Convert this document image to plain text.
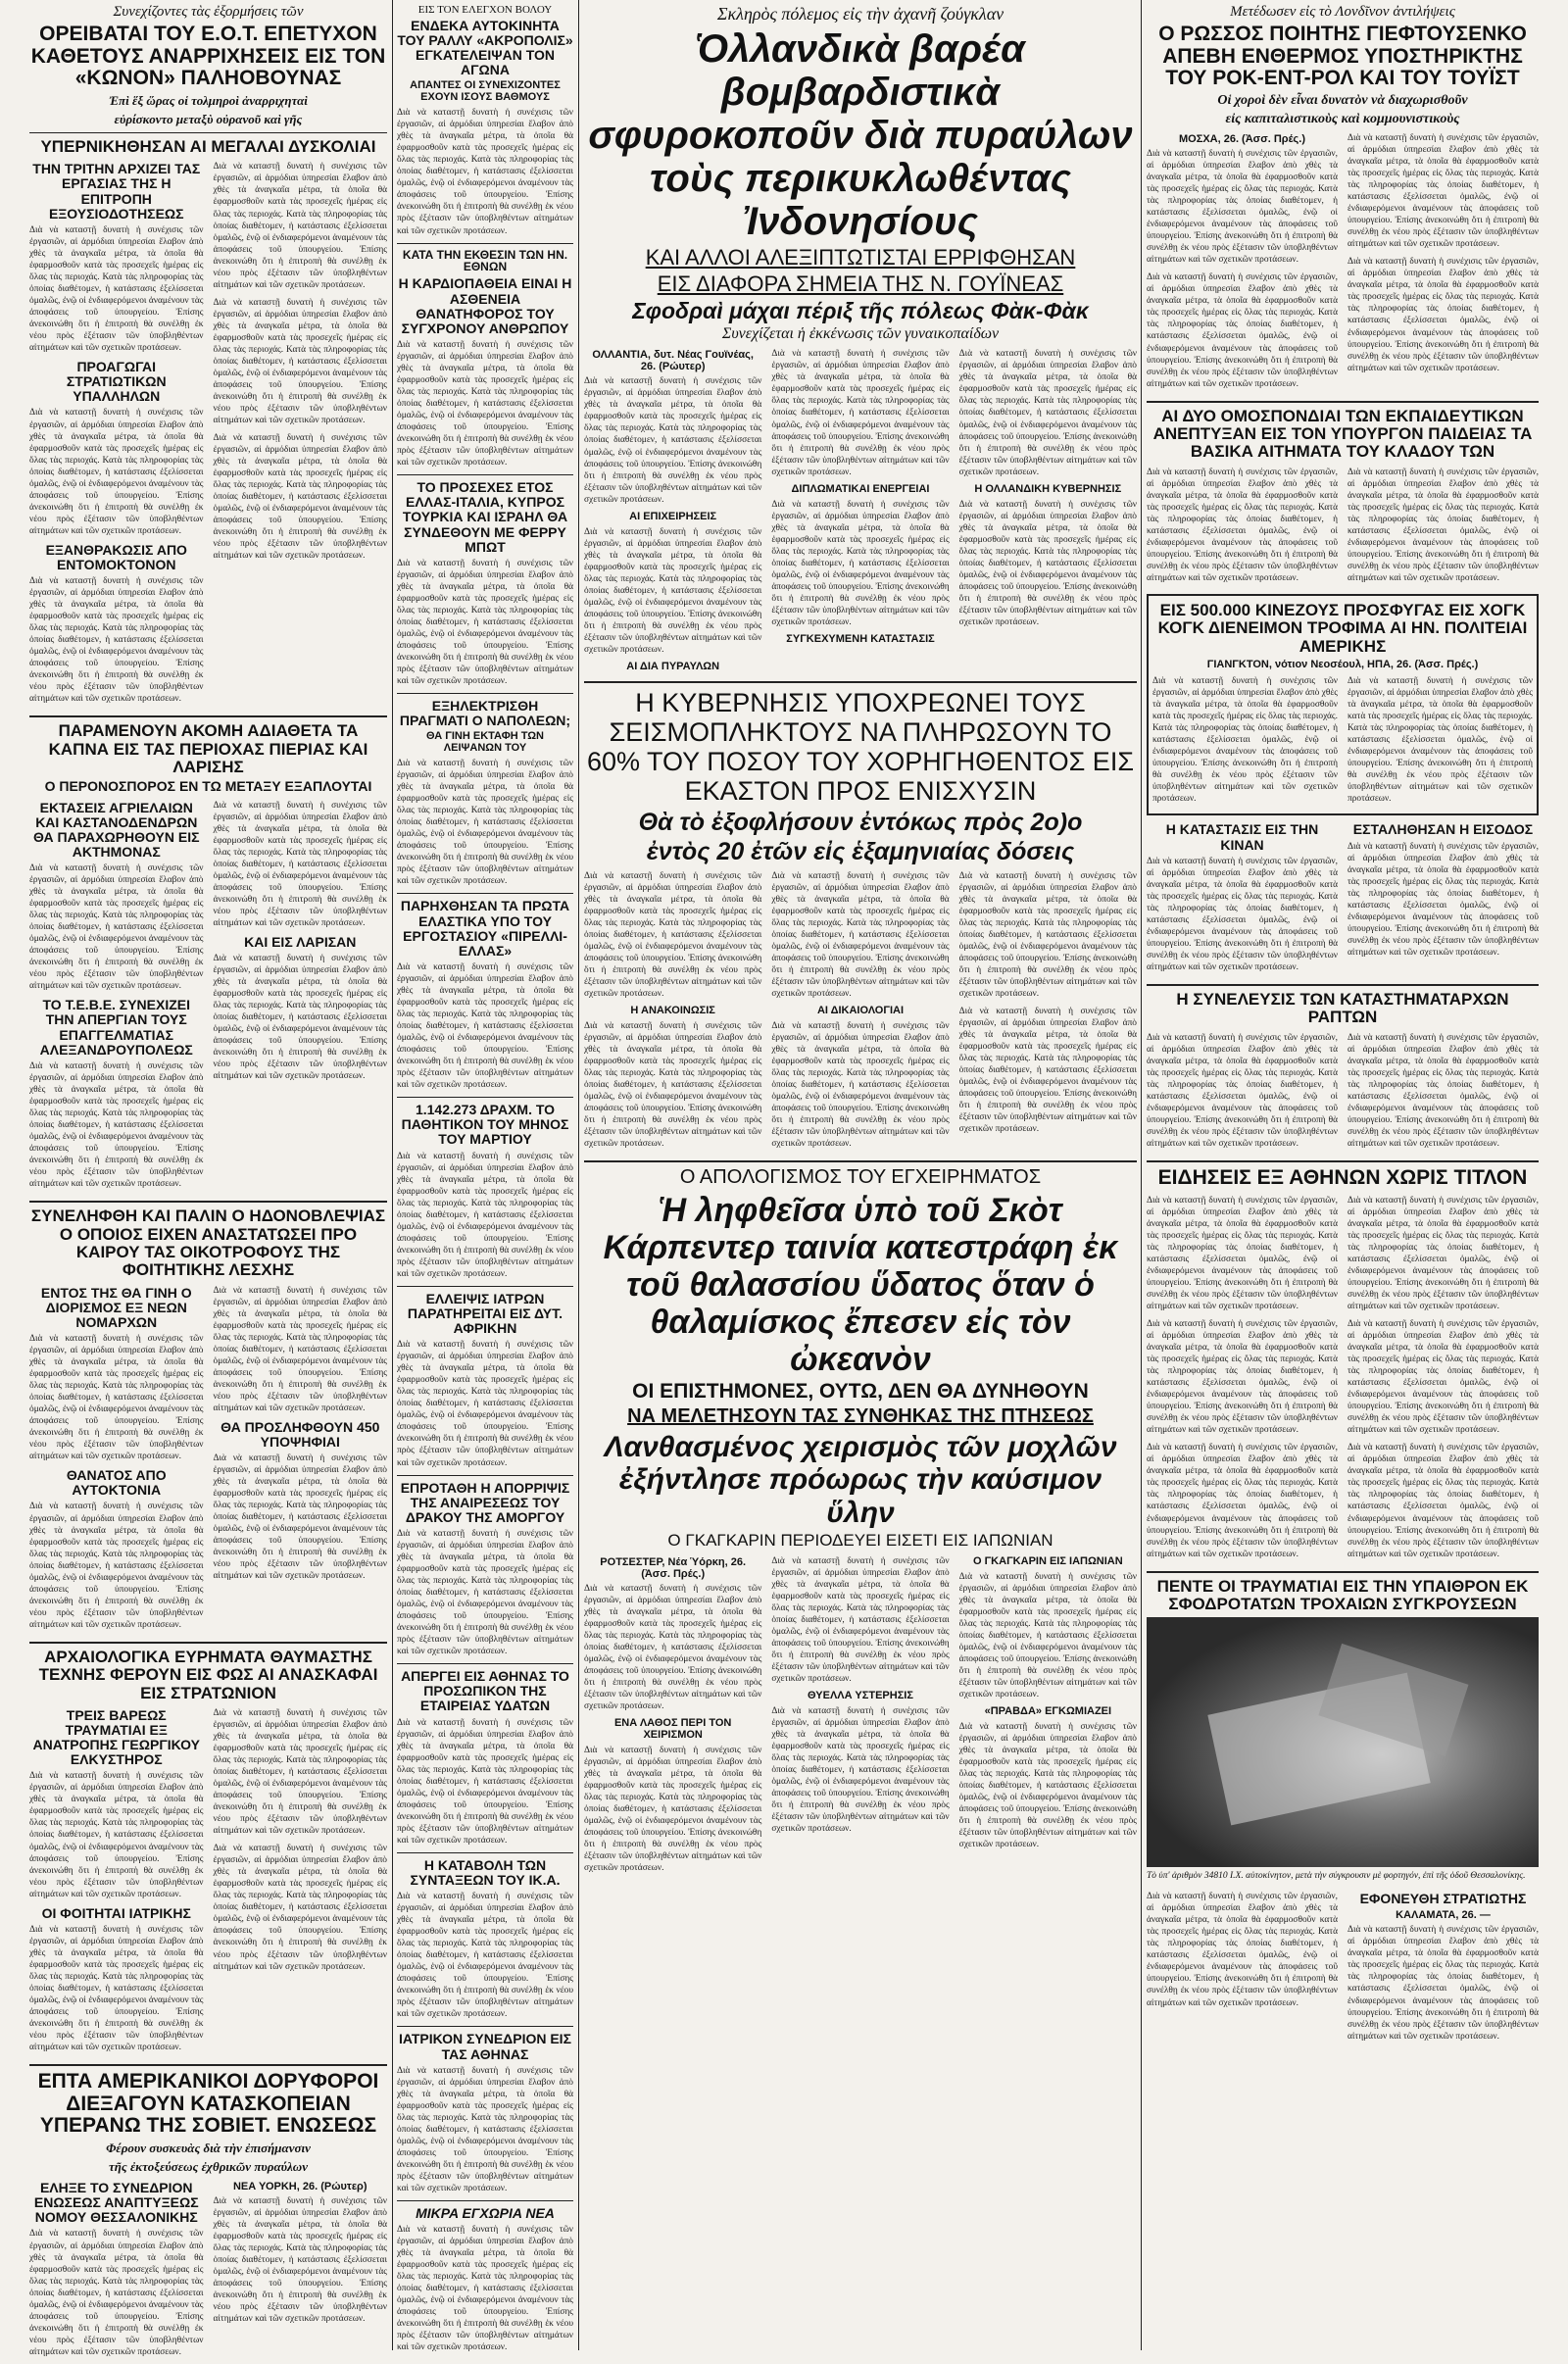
Συνεχίζοντες τὰς ἐξορμήσεις τῶν
ΟΡΕΙΒΑΤΑΙ ΤΟΥ Ε.Ο.Τ. ΕΠΕΤΥΧΟΝ ΚΑΘΕΤΟΥΣ ΑΝΑΡΡΙΧΗΣΕΙΣ ΕΙΣ ΤΟΝ «ΚΩΝΟΝ» ΠΑΛΗΟΒΟΥΝΑΣ
Ἐπὶ ἕξ ὥρας οἱ τολμηροὶ ἀναρριχηταὶ
εὑρίσκοντο μεταξὺ οὐρανοῦ καὶ γῆς
ΥΠΕΡΝΙΚΗΘΗΣΑΝ ΑΙ ΜΕΓΑΛΑΙ ΔΥΣΚΟΛΙΑΙ
ΤΗΝ ΤΡΙΤΗΝ ΑΡΧΙΖΕΙ ΤΑΣ ΕΡΓΑΣΙΑΣ ΤΗΣ Η ΕΠΙΤΡΟΠΗ ΕΞΟΥΣΙΟΔΟΤΗΣΕΩΣ
Διὰ νὰ καταστῇ δυνατὴ ἡ συνέχισις τῶν ἐργασιῶν, αἱ ἁρμόδιαι ὑπηρεσίαι ἔλαβον ἀπὸ χθὲς τὰ ἀναγκαῖα μέτρα, τὰ ὁποῖα θὰ ἐφαρμοσθοῦν κατὰ τὰς προσεχεῖς ἡμέρας εἰς ὅλας τὰς περιοχάς. Κατὰ τὰς πληροφορίας τὰς ὁποίας διαθέτομεν, ἡ κατάστασις ἐξελίσσεται ὁμαλῶς, ἐνῷ οἱ ἐνδιαφερόμενοι ἀναμένουν τὰς ἀποφάσεις τοῦ ὑπουργείου. Ἐπίσης ἀνεκοινώθη ὅτι ἡ ἐπιτροπὴ θὰ συνέλθῃ ἐκ νέου πρὸς ἐξέτασιν τῶν ὑποβληθέντων αἰτημάτων καὶ τῶν σχετικῶν προτάσεων.
ΠΡΟΑΓΩΓΑΙ ΣΤΡΑΤΙΩΤΙΚΩΝ ΥΠΑΛΛΗΛΩΝ
Διὰ νὰ καταστῇ δυνατὴ ἡ συνέχισις τῶν ἐργασιῶν, αἱ ἁρμόδιαι ὑπηρεσίαι ἔλαβον ἀπὸ χθὲς τὰ ἀναγκαῖα μέτρα, τὰ ὁποῖα θὰ ἐφαρμοσθοῦν κατὰ τὰς προσεχεῖς ἡμέρας εἰς ὅλας τὰς περιοχάς. Κατὰ τὰς πληροφορίας τὰς ὁποίας διαθέτομεν, ἡ κατάστασις ἐξελίσσεται ὁμαλῶς, ἐνῷ οἱ ἐνδιαφερόμενοι ἀναμένουν τὰς ἀποφάσεις τοῦ ὑπουργείου. Ἐπίσης ἀνεκοινώθη ὅτι ἡ ἐπιτροπὴ θὰ συνέλθῃ ἐκ νέου πρὸς ἐξέτασιν τῶν ὑποβληθέντων αἰτημάτων καὶ τῶν σχετικῶν προτάσεων.
ΕΞΑΝΘΡΑΚΩΣΙΣ ΑΠΟ ΕΝΤΟΜΟΚΤΟΝΟΝ
Διὰ νὰ καταστῇ δυνατὴ ἡ συνέχισις τῶν ἐργασιῶν, αἱ ἁρμόδιαι ὑπηρεσίαι ἔλαβον ἀπὸ χθὲς τὰ ἀναγκαῖα μέτρα, τὰ ὁποῖα θὰ ἐφαρμοσθοῦν κατὰ τὰς προσεχεῖς ἡμέρας εἰς ὅλας τὰς περιοχάς. Κατὰ τὰς πληροφορίας τὰς ὁποίας διαθέτομεν, ἡ κατάστασις ἐξελίσσεται ὁμαλῶς, ἐνῷ οἱ ἐνδιαφερόμενοι ἀναμένουν τὰς ἀποφάσεις τοῦ ὑπουργείου. Ἐπίσης ἀνεκοινώθη ὅτι ἡ ἐπιτροπὴ θὰ συνέλθῃ ἐκ νέου πρὸς ἐξέτασιν τῶν ὑποβληθέντων αἰτημάτων καὶ τῶν σχετικῶν προτάσεων.
Διὰ νὰ καταστῇ δυνατὴ ἡ συνέχισις τῶν ἐργασιῶν, αἱ ἁρμόδιαι ὑπηρεσίαι ἔλαβον ἀπὸ χθὲς τὰ ἀναγκαῖα μέτρα, τὰ ὁποῖα θὰ ἐφαρμοσθοῦν κατὰ τὰς προσεχεῖς ἡμέρας εἰς ὅλας τὰς περιοχάς. Κατὰ τὰς πληροφορίας τὰς ὁποίας διαθέτομεν, ἡ κατάστασις ἐξελίσσεται ὁμαλῶς, ἐνῷ οἱ ἐνδιαφερόμενοι ἀναμένουν τὰς ἀποφάσεις τοῦ ὑπουργείου. Ἐπίσης ἀνεκοινώθη ὅτι ἡ ἐπιτροπὴ θὰ συνέλθῃ ἐκ νέου πρὸς ἐξέτασιν τῶν ὑποβληθέντων αἰτημάτων καὶ τῶν σχετικῶν προτάσεων.
Διὰ νὰ καταστῇ δυνατὴ ἡ συνέχισις τῶν ἐργασιῶν, αἱ ἁρμόδιαι ὑπηρεσίαι ἔλαβον ἀπὸ χθὲς τὰ ἀναγκαῖα μέτρα, τὰ ὁποῖα θὰ ἐφαρμοσθοῦν κατὰ τὰς προσεχεῖς ἡμέρας εἰς ὅλας τὰς περιοχάς. Κατὰ τὰς πληροφορίας τὰς ὁποίας διαθέτομεν, ἡ κατάστασις ἐξελίσσεται ὁμαλῶς, ἐνῷ οἱ ἐνδιαφερόμενοι ἀναμένουν τὰς ἀποφάσεις τοῦ ὑπουργείου. Ἐπίσης ἀνεκοινώθη ὅτι ἡ ἐπιτροπὴ θὰ συνέλθῃ ἐκ νέου πρὸς ἐξέτασιν τῶν ὑποβληθέντων αἰτημάτων καὶ τῶν σχετικῶν προτάσεων.
Διὰ νὰ καταστῇ δυνατὴ ἡ συνέχισις τῶν ἐργασιῶν, αἱ ἁρμόδιαι ὑπηρεσίαι ἔλαβον ἀπὸ χθὲς τὰ ἀναγκαῖα μέτρα, τὰ ὁποῖα θὰ ἐφαρμοσθοῦν κατὰ τὰς προσεχεῖς ἡμέρας εἰς ὅλας τὰς περιοχάς. Κατὰ τὰς πληροφορίας τὰς ὁποίας διαθέτομεν, ἡ κατάστασις ἐξελίσσεται ὁμαλῶς, ἐνῷ οἱ ἐνδιαφερόμενοι ἀναμένουν τὰς ἀποφάσεις τοῦ ὑπουργείου. Ἐπίσης ἀνεκοινώθη ὅτι ἡ ἐπιτροπὴ θὰ συνέλθῃ ἐκ νέου πρὸς ἐξέτασιν τῶν ὑποβληθέντων αἰτημάτων καὶ τῶν σχετικῶν προτάσεων.
ΠΑΡΑΜΕΝΟΥΝ ΑΚΟΜΗ ΑΔΙΑΘΕΤΑ ΤΑ ΚΑΠΝΑ ΕΙΣ ΤΑΣ ΠΕΡΙΟΧΑΣ ΠΙΕΡΙΑΣ ΚΑΙ ΛΑΡΙΣΗΣ
Ο ΠΕΡΟΝΟΣΠΟΡΟΣ ΕΝ ΤΩ ΜΕΤΑΞΥ ΕΞΑΠΛΟΥΤΑΙ
ΕΚΤΑΣΕΙΣ ΑΓΡΙΕΛΑΙΩΝ ΚΑΙ ΚΑΣΤΑΝΟΔΕΝΔΡΩΝ ΘΑ ΠΑΡΑΧΩΡΗΘΟΥΝ ΕΙΣ ΑΚΤΗΜΟΝΑΣ
Διὰ νὰ καταστῇ δυνατὴ ἡ συνέχισις τῶν ἐργασιῶν, αἱ ἁρμόδιαι ὑπηρεσίαι ἔλαβον ἀπὸ χθὲς τὰ ἀναγκαῖα μέτρα, τὰ ὁποῖα θὰ ἐφαρμοσθοῦν κατὰ τὰς προσεχεῖς ἡμέρας εἰς ὅλας τὰς περιοχάς. Κατὰ τὰς πληροφορίας τὰς ὁποίας διαθέτομεν, ἡ κατάστασις ἐξελίσσεται ὁμαλῶς, ἐνῷ οἱ ἐνδιαφερόμενοι ἀναμένουν τὰς ἀποφάσεις τοῦ ὑπουργείου. Ἐπίσης ἀνεκοινώθη ὅτι ἡ ἐπιτροπὴ θὰ συνέλθῃ ἐκ νέου πρὸς ἐξέτασιν τῶν ὑποβληθέντων αἰτημάτων καὶ τῶν σχετικῶν προτάσεων.
ΤΟ Τ.Ε.Β.Ε. ΣΥΝΕΧΙΖΕΙ ΤΗΝ ΑΠΕΡΓΙΑΝ ΤΟΥΣ ΕΠΑΓΓΕΛΜΑΤΙΑΣ ΑΛΕΞΑΝΔΡΟΥΠΟΛΕΩΣ
Διὰ νὰ καταστῇ δυνατὴ ἡ συνέχισις τῶν ἐργασιῶν, αἱ ἁρμόδιαι ὑπηρεσίαι ἔλαβον ἀπὸ χθὲς τὰ ἀναγκαῖα μέτρα, τὰ ὁποῖα θὰ ἐφαρμοσθοῦν κατὰ τὰς προσεχεῖς ἡμέρας εἰς ὅλας τὰς περιοχάς. Κατὰ τὰς πληροφορίας τὰς ὁποίας διαθέτομεν, ἡ κατάστασις ἐξελίσσεται ὁμαλῶς, ἐνῷ οἱ ἐνδιαφερόμενοι ἀναμένουν τὰς ἀποφάσεις τοῦ ὑπουργείου. Ἐπίσης ἀνεκοινώθη ὅτι ἡ ἐπιτροπὴ θὰ συνέλθῃ ἐκ νέου πρὸς ἐξέτασιν τῶν ὑποβληθέντων αἰτημάτων καὶ τῶν σχετικῶν προτάσεων.
Διὰ νὰ καταστῇ δυνατὴ ἡ συνέχισις τῶν ἐργασιῶν, αἱ ἁρμόδιαι ὑπηρεσίαι ἔλαβον ἀπὸ χθὲς τὰ ἀναγκαῖα μέτρα, τὰ ὁποῖα θὰ ἐφαρμοσθοῦν κατὰ τὰς προσεχεῖς ἡμέρας εἰς ὅλας τὰς περιοχάς. Κατὰ τὰς πληροφορίας τὰς ὁποίας διαθέτομεν, ἡ κατάστασις ἐξελίσσεται ὁμαλῶς, ἐνῷ οἱ ἐνδιαφερόμενοι ἀναμένουν τὰς ἀποφάσεις τοῦ ὑπουργείου. Ἐπίσης ἀνεκοινώθη ὅτι ἡ ἐπιτροπὴ θὰ συνέλθῃ ἐκ νέου πρὸς ἐξέτασιν τῶν ὑποβληθέντων αἰτημάτων καὶ τῶν σχετικῶν προτάσεων.
ΚΑΙ ΕΙΣ ΛΑΡΙΣΑΝ
Διὰ νὰ καταστῇ δυνατὴ ἡ συνέχισις τῶν ἐργασιῶν, αἱ ἁρμόδιαι ὑπηρεσίαι ἔλαβον ἀπὸ χθὲς τὰ ἀναγκαῖα μέτρα, τὰ ὁποῖα θὰ ἐφαρμοσθοῦν κατὰ τὰς προσεχεῖς ἡμέρας εἰς ὅλας τὰς περιοχάς. Κατὰ τὰς πληροφορίας τὰς ὁποίας διαθέτομεν, ἡ κατάστασις ἐξελίσσεται ὁμαλῶς, ἐνῷ οἱ ἐνδιαφερόμενοι ἀναμένουν τὰς ἀποφάσεις τοῦ ὑπουργείου. Ἐπίσης ἀνεκοινώθη ὅτι ἡ ἐπιτροπὴ θὰ συνέλθῃ ἐκ νέου πρὸς ἐξέτασιν τῶν ὑποβληθέντων αἰτημάτων καὶ τῶν σχετικῶν προτάσεων.
ΣΥΝΕΛΗΦΘΗ ΚΑΙ ΠΑΛΙΝ Ο ΗΔΟΝΟΒΛΕΨΙΑΣ Ο ΟΠΟΙΟΣ ΕΙΧΕΝ ΑΝΑΣΤΑΤΩΣΕΙ ΠΡΟ ΚΑΙΡΟΥ ΤΑΣ ΟΙΚΟΤΡΟΦΟΥΣ ΤΗΣ ΦΟΙΤΗΤΙΚΗΣ ΛΕΣΧΗΣ
ΕΝΤΟΣ ΤΗΣ ΘΑ ΓΙΝΗ Ο ΔΙΟΡΙΣΜΟΣ ΕΞ ΝΕΩΝ ΝΟΜΑΡΧΩΝ
Διὰ νὰ καταστῇ δυνατὴ ἡ συνέχισις τῶν ἐργασιῶν, αἱ ἁρμόδιαι ὑπηρεσίαι ἔλαβον ἀπὸ χθὲς τὰ ἀναγκαῖα μέτρα, τὰ ὁποῖα θὰ ἐφαρμοσθοῦν κατὰ τὰς προσεχεῖς ἡμέρας εἰς ὅλας τὰς περιοχάς. Κατὰ τὰς πληροφορίας τὰς ὁποίας διαθέτομεν, ἡ κατάστασις ἐξελίσσεται ὁμαλῶς, ἐνῷ οἱ ἐνδιαφερόμενοι ἀναμένουν τὰς ἀποφάσεις τοῦ ὑπουργείου. Ἐπίσης ἀνεκοινώθη ὅτι ἡ ἐπιτροπὴ θὰ συνέλθῃ ἐκ νέου πρὸς ἐξέτασιν τῶν ὑποβληθέντων αἰτημάτων καὶ τῶν σχετικῶν προτάσεων.
ΘΑΝΑΤΟΣ ΑΠΟ ΑΥΤΟΚΤΟΝΙΑ
Διὰ νὰ καταστῇ δυνατὴ ἡ συνέχισις τῶν ἐργασιῶν, αἱ ἁρμόδιαι ὑπηρεσίαι ἔλαβον ἀπὸ χθὲς τὰ ἀναγκαῖα μέτρα, τὰ ὁποῖα θὰ ἐφαρμοσθοῦν κατὰ τὰς προσεχεῖς ἡμέρας εἰς ὅλας τὰς περιοχάς. Κατὰ τὰς πληροφορίας τὰς ὁποίας διαθέτομεν, ἡ κατάστασις ἐξελίσσεται ὁμαλῶς, ἐνῷ οἱ ἐνδιαφερόμενοι ἀναμένουν τὰς ἀποφάσεις τοῦ ὑπουργείου. Ἐπίσης ἀνεκοινώθη ὅτι ἡ ἐπιτροπὴ θὰ συνέλθῃ ἐκ νέου πρὸς ἐξέτασιν τῶν ὑποβληθέντων αἰτημάτων καὶ τῶν σχετικῶν προτάσεων.
Διὰ νὰ καταστῇ δυνατὴ ἡ συνέχισις τῶν ἐργασιῶν, αἱ ἁρμόδιαι ὑπηρεσίαι ἔλαβον ἀπὸ χθὲς τὰ ἀναγκαῖα μέτρα, τὰ ὁποῖα θὰ ἐφαρμοσθοῦν κατὰ τὰς προσεχεῖς ἡμέρας εἰς ὅλας τὰς περιοχάς. Κατὰ τὰς πληροφορίας τὰς ὁποίας διαθέτομεν, ἡ κατάστασις ἐξελίσσεται ὁμαλῶς, ἐνῷ οἱ ἐνδιαφερόμενοι ἀναμένουν τὰς ἀποφάσεις τοῦ ὑπουργείου. Ἐπίσης ἀνεκοινώθη ὅτι ἡ ἐπιτροπὴ θὰ συνέλθῃ ἐκ νέου πρὸς ἐξέτασιν τῶν ὑποβληθέντων αἰτημάτων καὶ τῶν σχετικῶν προτάσεων.
ΘΑ ΠΡΟΣΛΗΦΘΟΥΝ 450 ΥΠΟΨΗΦΙΑΙ
Διὰ νὰ καταστῇ δυνατὴ ἡ συνέχισις τῶν ἐργασιῶν, αἱ ἁρμόδιαι ὑπηρεσίαι ἔλαβον ἀπὸ χθὲς τὰ ἀναγκαῖα μέτρα, τὰ ὁποῖα θὰ ἐφαρμοσθοῦν κατὰ τὰς προσεχεῖς ἡμέρας εἰς ὅλας τὰς περιοχάς. Κατὰ τὰς πληροφορίας τὰς ὁποίας διαθέτομεν, ἡ κατάστασις ἐξελίσσεται ὁμαλῶς, ἐνῷ οἱ ἐνδιαφερόμενοι ἀναμένουν τὰς ἀποφάσεις τοῦ ὑπουργείου. Ἐπίσης ἀνεκοινώθη ὅτι ἡ ἐπιτροπὴ θὰ συνέλθῃ ἐκ νέου πρὸς ἐξέτασιν τῶν ὑποβληθέντων αἰτημάτων καὶ τῶν σχετικῶν προτάσεων.
ΑΡΧΑΙΟΛΟΓΙΚΑ ΕΥΡΗΜΑΤΑ ΘΑΥΜΑΣΤΗΣ ΤΕΧΝΗΣ ΦΕΡΟΥΝ ΕΙΣ ΦΩΣ ΑΙ ΑΝΑΣΚΑΦΑΙ ΕΙΣ ΣΤΡΑΤΩΝΙΟΝ
ΤΡΕΙΣ ΒΑΡΕΩΣ ΤΡΑΥΜΑΤΙΑΙ ΕΞ ΑΝΑΤΡΟΠΗΣ ΓΕΩΡΓΙΚΟΥ ΕΛΚΥΣΤΗΡΟΣ
Διὰ νὰ καταστῇ δυνατὴ ἡ συνέχισις τῶν ἐργασιῶν, αἱ ἁρμόδιαι ὑπηρεσίαι ἔλαβον ἀπὸ χθὲς τὰ ἀναγκαῖα μέτρα, τὰ ὁποῖα θὰ ἐφαρμοσθοῦν κατὰ τὰς προσεχεῖς ἡμέρας εἰς ὅλας τὰς περιοχάς. Κατὰ τὰς πληροφορίας τὰς ὁποίας διαθέτομεν, ἡ κατάστασις ἐξελίσσεται ὁμαλῶς, ἐνῷ οἱ ἐνδιαφερόμενοι ἀναμένουν τὰς ἀποφάσεις τοῦ ὑπουργείου. Ἐπίσης ἀνεκοινώθη ὅτι ἡ ἐπιτροπὴ θὰ συνέλθῃ ἐκ νέου πρὸς ἐξέτασιν τῶν ὑποβληθέντων αἰτημάτων καὶ τῶν σχετικῶν προτάσεων.
ΟΙ ΦΟΙΤΗΤΑΙ ΙΑΤΡΙΚΗΣ
Διὰ νὰ καταστῇ δυνατὴ ἡ συνέχισις τῶν ἐργασιῶν, αἱ ἁρμόδιαι ὑπηρεσίαι ἔλαβον ἀπὸ χθὲς τὰ ἀναγκαῖα μέτρα, τὰ ὁποῖα θὰ ἐφαρμοσθοῦν κατὰ τὰς προσεχεῖς ἡμέρας εἰς ὅλας τὰς περιοχάς. Κατὰ τὰς πληροφορίας τὰς ὁποίας διαθέτομεν, ἡ κατάστασις ἐξελίσσεται ὁμαλῶς, ἐνῷ οἱ ἐνδιαφερόμενοι ἀναμένουν τὰς ἀποφάσεις τοῦ ὑπουργείου. Ἐπίσης ἀνεκοινώθη ὅτι ἡ ἐπιτροπὴ θὰ συνέλθῃ ἐκ νέου πρὸς ἐξέτασιν τῶν ὑποβληθέντων αἰτημάτων καὶ τῶν σχετικῶν προτάσεων.
Διὰ νὰ καταστῇ δυνατὴ ἡ συνέχισις τῶν ἐργασιῶν, αἱ ἁρμόδιαι ὑπηρεσίαι ἔλαβον ἀπὸ χθὲς τὰ ἀναγκαῖα μέτρα, τὰ ὁποῖα θὰ ἐφαρμοσθοῦν κατὰ τὰς προσεχεῖς ἡμέρας εἰς ὅλας τὰς περιοχάς. Κατὰ τὰς πληροφορίας τὰς ὁποίας διαθέτομεν, ἡ κατάστασις ἐξελίσσεται ὁμαλῶς, ἐνῷ οἱ ἐνδιαφερόμενοι ἀναμένουν τὰς ἀποφάσεις τοῦ ὑπουργείου. Ἐπίσης ἀνεκοινώθη ὅτι ἡ ἐπιτροπὴ θὰ συνέλθῃ ἐκ νέου πρὸς ἐξέτασιν τῶν ὑποβληθέντων αἰτημάτων καὶ τῶν σχετικῶν προτάσεων.
Διὰ νὰ καταστῇ δυνατὴ ἡ συνέχισις τῶν ἐργασιῶν, αἱ ἁρμόδιαι ὑπηρεσίαι ἔλαβον ἀπὸ χθὲς τὰ ἀναγκαῖα μέτρα, τὰ ὁποῖα θὰ ἐφαρμοσθοῦν κατὰ τὰς προσεχεῖς ἡμέρας εἰς ὅλας τὰς περιοχάς. Κατὰ τὰς πληροφορίας τὰς ὁποίας διαθέτομεν, ἡ κατάστασις ἐξελίσσεται ὁμαλῶς, ἐνῷ οἱ ἐνδιαφερόμενοι ἀναμένουν τὰς ἀποφάσεις τοῦ ὑπουργείου. Ἐπίσης ἀνεκοινώθη ὅτι ἡ ἐπιτροπὴ θὰ συνέλθῃ ἐκ νέου πρὸς ἐξέτασιν τῶν ὑποβληθέντων αἰτημάτων καὶ τῶν σχετικῶν προτάσεων.
ΕΠΤΑ ΑΜΕΡΙΚΑΝΙΚΟΙ ΔΟΡΥΦΟΡΟΙ ΔΙΕΞΑΓΟΥΝ ΚΑΤΑΣΚΟΠΕΙΑΝ ΥΠΕΡΑΝΩ ΤΗΣ ΣΟΒΙΕΤ. ΕΝΩΣΕΩΣ
Φέρουν συσκευὰς διὰ τὴν ἐπισήμανσιν
τῆς ἐκτοξεύσεως ἐχθρικῶν πυραύλων
ΕΛΗΞΕ ΤΟ ΣΥΝΕΔΡΙΟΝ ΕΝΩΣΕΩΣ ΑΝΑΠΤΥΞΕΩΣ ΝΟΜΟΥ ΘΕΣΣΑΛΟΝΙΚΗΣ
Διὰ νὰ καταστῇ δυνατὴ ἡ συνέχισις τῶν ἐργασιῶν, αἱ ἁρμόδιαι ὑπηρεσίαι ἔλαβον ἀπὸ χθὲς τὰ ἀναγκαῖα μέτρα, τὰ ὁποῖα θὰ ἐφαρμοσθοῦν κατὰ τὰς προσεχεῖς ἡμέρας εἰς ὅλας τὰς περιοχάς. Κατὰ τὰς πληροφορίας τὰς ὁποίας διαθέτομεν, ἡ κατάστασις ἐξελίσσεται ὁμαλῶς, ἐνῷ οἱ ἐνδιαφερόμενοι ἀναμένουν τὰς ἀποφάσεις τοῦ ὑπουργείου. Ἐπίσης ἀνεκοινώθη ὅτι ἡ ἐπιτροπὴ θὰ συνέλθῃ ἐκ νέου πρὸς ἐξέτασιν τῶν ὑποβληθέντων αἰτημάτων καὶ τῶν σχετικῶν προτάσεων.
ΝΕΑ ΥΟΡΚΗ, 26. (Ρώυτερ)
Διὰ νὰ καταστῇ δυνατὴ ἡ συνέχισις τῶν ἐργασιῶν, αἱ ἁρμόδιαι ὑπηρεσίαι ἔλαβον ἀπὸ χθὲς τὰ ἀναγκαῖα μέτρα, τὰ ὁποῖα θὰ ἐφαρμοσθοῦν κατὰ τὰς προσεχεῖς ἡμέρας εἰς ὅλας τὰς περιοχάς. Κατὰ τὰς πληροφορίας τὰς ὁποίας διαθέτομεν, ἡ κατάστασις ἐξελίσσεται ὁμαλῶς, ἐνῷ οἱ ἐνδιαφερόμενοι ἀναμένουν τὰς ἀποφάσεις τοῦ ὑπουργείου. Ἐπίσης ἀνεκοινώθη ὅτι ἡ ἐπιτροπὴ θὰ συνέλθῃ ἐκ νέου πρὸς ἐξέτασιν τῶν ὑποβληθέντων αἰτημάτων καὶ τῶν σχετικῶν προτάσεων.
ΕΙΣ ΤΟΝ ΕΛΕΓΧΟΝ ΒΟΛΟΥ
ΕΝΔΕΚΑ ΑΥΤΟΚΙΝΗΤΑ ΤΟΥ ΡΑΛΛΥ «ΑΚΡΟΠΟΛΙΣ» ΕΓΚΑΤΕΛΕΙΨΑΝ ΤΟΝ ΑΓΩΝΑ
ΑΠΑΝΤΕΣ ΟΙ ΣΥΝΕΧΙΖΟΝΤΕΣ ΕΧΟΥΝ ΙΣΟΥΣ ΒΑΘΜΟΥΣ
Διὰ νὰ καταστῇ δυνατὴ ἡ συνέχισις τῶν ἐργασιῶν, αἱ ἁρμόδιαι ὑπηρεσίαι ἔλαβον ἀπὸ χθὲς τὰ ἀναγκαῖα μέτρα, τὰ ὁποῖα θὰ ἐφαρμοσθοῦν κατὰ τὰς προσεχεῖς ἡμέρας εἰς ὅλας τὰς περιοχάς. Κατὰ τὰς πληροφορίας τὰς ὁποίας διαθέτομεν, ἡ κατάστασις ἐξελίσσεται ὁμαλῶς, ἐνῷ οἱ ἐνδιαφερόμενοι ἀναμένουν τὰς ἀποφάσεις τοῦ ὑπουργείου. Ἐπίσης ἀνεκοινώθη ὅτι ἡ ἐπιτροπὴ θὰ συνέλθῃ ἐκ νέου πρὸς ἐξέτασιν τῶν ὑποβληθέντων αἰτημάτων καὶ τῶν σχετικῶν προτάσεων.
ΚΑΤΑ ΤΗΝ ΕΚΘΕΣΙΝ ΤΩΝ ΗΝ. ΕΘΝΩΝ
Η ΚΑΡΔΙΟΠΑΘΕΙΑ ΕΙΝΑΙ Η ΑΣΘΕΝΕΙΑ ΘΑΝΑΤΗΦΟΡΟΣ ΤΟΥ ΣΥΓΧΡΟΝΟΥ ΑΝΘΡΩΠΟΥ
Διὰ νὰ καταστῇ δυνατὴ ἡ συνέχισις τῶν ἐργασιῶν, αἱ ἁρμόδιαι ὑπηρεσίαι ἔλαβον ἀπὸ χθὲς τὰ ἀναγκαῖα μέτρα, τὰ ὁποῖα θὰ ἐφαρμοσθοῦν κατὰ τὰς προσεχεῖς ἡμέρας εἰς ὅλας τὰς περιοχάς. Κατὰ τὰς πληροφορίας τὰς ὁποίας διαθέτομεν, ἡ κατάστασις ἐξελίσσεται ὁμαλῶς, ἐνῷ οἱ ἐνδιαφερόμενοι ἀναμένουν τὰς ἀποφάσεις τοῦ ὑπουργείου. Ἐπίσης ἀνεκοινώθη ὅτι ἡ ἐπιτροπὴ θὰ συνέλθῃ ἐκ νέου πρὸς ἐξέτασιν τῶν ὑποβληθέντων αἰτημάτων καὶ τῶν σχετικῶν προτάσεων.
ΤΟ ΠΡΟΣΕΧΕΣ ΕΤΟΣ ΕΛΛΑΣ-ΙΤΑΛΙΑ, ΚΥΠΡΟΣ ΤΟΥΡΚΙΑ ΚΑΙ ΙΣΡΑΗΛ ΘΑ ΣΥΝΔΕΘΟΥΝ ΜΕ ΦΕΡΡΥ ΜΠΩΤ
Διὰ νὰ καταστῇ δυνατὴ ἡ συνέχισις τῶν ἐργασιῶν, αἱ ἁρμόδιαι ὑπηρεσίαι ἔλαβον ἀπὸ χθὲς τὰ ἀναγκαῖα μέτρα, τὰ ὁποῖα θὰ ἐφαρμοσθοῦν κατὰ τὰς προσεχεῖς ἡμέρας εἰς ὅλας τὰς περιοχάς. Κατὰ τὰς πληροφορίας τὰς ὁποίας διαθέτομεν, ἡ κατάστασις ἐξελίσσεται ὁμαλῶς, ἐνῷ οἱ ἐνδιαφερόμενοι ἀναμένουν τὰς ἀποφάσεις τοῦ ὑπουργείου. Ἐπίσης ἀνεκοινώθη ὅτι ἡ ἐπιτροπὴ θὰ συνέλθῃ ἐκ νέου πρὸς ἐξέτασιν τῶν ὑποβληθέντων αἰτημάτων καὶ τῶν σχετικῶν προτάσεων.
ΕΞΗΛΕΚΤΡΙΣΘΗ ΠΡΑΓΜΑΤΙ Ο ΝΑΠΟΛΕΩΝ;
ΘΑ ΓΙΝΗ ΕΚΤΑΦΗ ΤΩΝ ΛΕΙΨΑΝΩΝ ΤΟΥ
Διὰ νὰ καταστῇ δυνατὴ ἡ συνέχισις τῶν ἐργασιῶν, αἱ ἁρμόδιαι ὑπηρεσίαι ἔλαβον ἀπὸ χθὲς τὰ ἀναγκαῖα μέτρα, τὰ ὁποῖα θὰ ἐφαρμοσθοῦν κατὰ τὰς προσεχεῖς ἡμέρας εἰς ὅλας τὰς περιοχάς. Κατὰ τὰς πληροφορίας τὰς ὁποίας διαθέτομεν, ἡ κατάστασις ἐξελίσσεται ὁμαλῶς, ἐνῷ οἱ ἐνδιαφερόμενοι ἀναμένουν τὰς ἀποφάσεις τοῦ ὑπουργείου. Ἐπίσης ἀνεκοινώθη ὅτι ἡ ἐπιτροπὴ θὰ συνέλθῃ ἐκ νέου πρὸς ἐξέτασιν τῶν ὑποβληθέντων αἰτημάτων καὶ τῶν σχετικῶν προτάσεων.
ΠΑΡΗΧΘΗΣΑΝ ΤΑ ΠΡΩΤΑ ΕΛΑΣΤΙΚΑ ΥΠΟ ΤΟΥ ΕΡΓΟΣΤΑΣΙΟΥ «ΠΙΡΕΛΛΙ-ΕΛΛΑΣ»
Διὰ νὰ καταστῇ δυνατὴ ἡ συνέχισις τῶν ἐργασιῶν, αἱ ἁρμόδιαι ὑπηρεσίαι ἔλαβον ἀπὸ χθὲς τὰ ἀναγκαῖα μέτρα, τὰ ὁποῖα θὰ ἐφαρμοσθοῦν κατὰ τὰς προσεχεῖς ἡμέρας εἰς ὅλας τὰς περιοχάς. Κατὰ τὰς πληροφορίας τὰς ὁποίας διαθέτομεν, ἡ κατάστασις ἐξελίσσεται ὁμαλῶς, ἐνῷ οἱ ἐνδιαφερόμενοι ἀναμένουν τὰς ἀποφάσεις τοῦ ὑπουργείου. Ἐπίσης ἀνεκοινώθη ὅτι ἡ ἐπιτροπὴ θὰ συνέλθῃ ἐκ νέου πρὸς ἐξέτασιν τῶν ὑποβληθέντων αἰτημάτων καὶ τῶν σχετικῶν προτάσεων.
1.142.273 ΔΡΑΧΜ. ΤΟ ΠΑΘΗΤΙΚΟΝ ΤΟΥ ΜΗΝΟΣ ΤΟΥ ΜΑΡΤΙΟΥ
Διὰ νὰ καταστῇ δυνατὴ ἡ συνέχισις τῶν ἐργασιῶν, αἱ ἁρμόδιαι ὑπηρεσίαι ἔλαβον ἀπὸ χθὲς τὰ ἀναγκαῖα μέτρα, τὰ ὁποῖα θὰ ἐφαρμοσθοῦν κατὰ τὰς προσεχεῖς ἡμέρας εἰς ὅλας τὰς περιοχάς. Κατὰ τὰς πληροφορίας τὰς ὁποίας διαθέτομεν, ἡ κατάστασις ἐξελίσσεται ὁμαλῶς, ἐνῷ οἱ ἐνδιαφερόμενοι ἀναμένουν τὰς ἀποφάσεις τοῦ ὑπουργείου. Ἐπίσης ἀνεκοινώθη ὅτι ἡ ἐπιτροπὴ θὰ συνέλθῃ ἐκ νέου πρὸς ἐξέτασιν τῶν ὑποβληθέντων αἰτημάτων καὶ τῶν σχετικῶν προτάσεων.
ΕΛΛΕΙΨΙΣ ΙΑΤΡΩΝ ΠΑΡΑΤΗΡΕΙΤΑΙ ΕΙΣ ΔΥΤ. ΑΦΡΙΚΗΝ
Διὰ νὰ καταστῇ δυνατὴ ἡ συνέχισις τῶν ἐργασιῶν, αἱ ἁρμόδιαι ὑπηρεσίαι ἔλαβον ἀπὸ χθὲς τὰ ἀναγκαῖα μέτρα, τὰ ὁποῖα θὰ ἐφαρμοσθοῦν κατὰ τὰς προσεχεῖς ἡμέρας εἰς ὅλας τὰς περιοχάς. Κατὰ τὰς πληροφορίας τὰς ὁποίας διαθέτομεν, ἡ κατάστασις ἐξελίσσεται ὁμαλῶς, ἐνῷ οἱ ἐνδιαφερόμενοι ἀναμένουν τὰς ἀποφάσεις τοῦ ὑπουργείου. Ἐπίσης ἀνεκοινώθη ὅτι ἡ ἐπιτροπὴ θὰ συνέλθῃ ἐκ νέου πρὸς ἐξέτασιν τῶν ὑποβληθέντων αἰτημάτων καὶ τῶν σχετικῶν προτάσεων.
ΕΠΡΟΤΑΘΗ Η ΑΠΟΡΡΙΨΙΣ ΤΗΣ ΑΝΑΙΡΕΣΕΩΣ ΤΟΥ ΔΡΑΚΟΥ ΤΗΣ ΑΜΟΡΓΟΥ
Διὰ νὰ καταστῇ δυνατὴ ἡ συνέχισις τῶν ἐργασιῶν, αἱ ἁρμόδιαι ὑπηρεσίαι ἔλαβον ἀπὸ χθὲς τὰ ἀναγκαῖα μέτρα, τὰ ὁποῖα θὰ ἐφαρμοσθοῦν κατὰ τὰς προσεχεῖς ἡμέρας εἰς ὅλας τὰς περιοχάς. Κατὰ τὰς πληροφορίας τὰς ὁποίας διαθέτομεν, ἡ κατάστασις ἐξελίσσεται ὁμαλῶς, ἐνῷ οἱ ἐνδιαφερόμενοι ἀναμένουν τὰς ἀποφάσεις τοῦ ὑπουργείου. Ἐπίσης ἀνεκοινώθη ὅτι ἡ ἐπιτροπὴ θὰ συνέλθῃ ἐκ νέου πρὸς ἐξέτασιν τῶν ὑποβληθέντων αἰτημάτων καὶ τῶν σχετικῶν προτάσεων.
ΑΠΕΡΓΕΙ ΕΙΣ ΑΘΗΝΑΣ ΤΟ ΠΡΟΣΩΠΙΚΟΝ ΤΗΣ ΕΤΑΙΡΕΙΑΣ ΥΔΑΤΩΝ
Διὰ νὰ καταστῇ δυνατὴ ἡ συνέχισις τῶν ἐργασιῶν, αἱ ἁρμόδιαι ὑπηρεσίαι ἔλαβον ἀπὸ χθὲς τὰ ἀναγκαῖα μέτρα, τὰ ὁποῖα θὰ ἐφαρμοσθοῦν κατὰ τὰς προσεχεῖς ἡμέρας εἰς ὅλας τὰς περιοχάς. Κατὰ τὰς πληροφορίας τὰς ὁποίας διαθέτομεν, ἡ κατάστασις ἐξελίσσεται ὁμαλῶς, ἐνῷ οἱ ἐνδιαφερόμενοι ἀναμένουν τὰς ἀποφάσεις τοῦ ὑπουργείου. Ἐπίσης ἀνεκοινώθη ὅτι ἡ ἐπιτροπὴ θὰ συνέλθῃ ἐκ νέου πρὸς ἐξέτασιν τῶν ὑποβληθέντων αἰτημάτων καὶ τῶν σχετικῶν προτάσεων.
Η ΚΑΤΑΒΟΛΗ ΤΩΝ ΣΥΝΤΑΞΕΩΝ ΤΟΥ ΙΚ.Α.
Διὰ νὰ καταστῇ δυνατὴ ἡ συνέχισις τῶν ἐργασιῶν, αἱ ἁρμόδιαι ὑπηρεσίαι ἔλαβον ἀπὸ χθὲς τὰ ἀναγκαῖα μέτρα, τὰ ὁποῖα θὰ ἐφαρμοσθοῦν κατὰ τὰς προσεχεῖς ἡμέρας εἰς ὅλας τὰς περιοχάς. Κατὰ τὰς πληροφορίας τὰς ὁποίας διαθέτομεν, ἡ κατάστασις ἐξελίσσεται ὁμαλῶς, ἐνῷ οἱ ἐνδιαφερόμενοι ἀναμένουν τὰς ἀποφάσεις τοῦ ὑπουργείου. Ἐπίσης ἀνεκοινώθη ὅτι ἡ ἐπιτροπὴ θὰ συνέλθῃ ἐκ νέου πρὸς ἐξέτασιν τῶν ὑποβληθέντων αἰτημάτων καὶ τῶν σχετικῶν προτάσεων.
ΙΑΤΡΙΚΟΝ ΣΥΝΕΔΡΙΟΝ ΕΙΣ ΤΑΣ ΑΘΗΝΑΣ
Διὰ νὰ καταστῇ δυνατὴ ἡ συνέχισις τῶν ἐργασιῶν, αἱ ἁρμόδιαι ὑπηρεσίαι ἔλαβον ἀπὸ χθὲς τὰ ἀναγκαῖα μέτρα, τὰ ὁποῖα θὰ ἐφαρμοσθοῦν κατὰ τὰς προσεχεῖς ἡμέρας εἰς ὅλας τὰς περιοχάς. Κατὰ τὰς πληροφορίας τὰς ὁποίας διαθέτομεν, ἡ κατάστασις ἐξελίσσεται ὁμαλῶς, ἐνῷ οἱ ἐνδιαφερόμενοι ἀναμένουν τὰς ἀποφάσεις τοῦ ὑπουργείου. Ἐπίσης ἀνεκοινώθη ὅτι ἡ ἐπιτροπὴ θὰ συνέλθῃ ἐκ νέου πρὸς ἐξέτασιν τῶν ὑποβληθέντων αἰτημάτων καὶ τῶν σχετικῶν προτάσεων.
ΜΙΚΡΑ ΕΓΧΩΡΙΑ ΝΕΑ
Διὰ νὰ καταστῇ δυνατὴ ἡ συνέχισις τῶν ἐργασιῶν, αἱ ἁρμόδιαι ὑπηρεσίαι ἔλαβον ἀπὸ χθὲς τὰ ἀναγκαῖα μέτρα, τὰ ὁποῖα θὰ ἐφαρμοσθοῦν κατὰ τὰς προσεχεῖς ἡμέρας εἰς ὅλας τὰς περιοχάς. Κατὰ τὰς πληροφορίας τὰς ὁποίας διαθέτομεν, ἡ κατάστασις ἐξελίσσεται ὁμαλῶς, ἐνῷ οἱ ἐνδιαφερόμενοι ἀναμένουν τὰς ἀποφάσεις τοῦ ὑπουργείου. Ἐπίσης ἀνεκοινώθη ὅτι ἡ ἐπιτροπὴ θὰ συνέλθῃ ἐκ νέου πρὸς ἐξέτασιν τῶν ὑποβληθέντων αἰτημάτων καὶ τῶν σχετικῶν προτάσεων.
Σκληρὸς πόλεμος εἰς τὴν ἀχανῆ ζούγκλαν
Ὁλλανδικὰ βαρέα βομβαρδιστικὰ σφυροκοποῦν διὰ πυραύλων τοὺς περικυκλωθέντας Ἰνδονησίους
ΚΑΙ ΑΛΛΟΙ ΑΛΕΞΙΠΤΩΤΙΣΤΑΙ ΕΡΡΙΦΘΗΣΑΝ
ΕΙΣ ΔΙΑΦΟΡΑ ΣΗΜΕΙΑ ΤΗΣ Ν. ΓΟΥΪΝΕΑΣ
Σφοδραὶ μάχαι πέριξ τῆς πόλεως Φὰκ-Φὰκ
Συνεχίζεται ἡ ἐκκένωσις τῶν γυναικοπαίδων
ΟΛΛΑΝΤΙΑ, δυτ. Νέας Γουϊνέας, 26. (Ρώυτερ)
Διὰ νὰ καταστῇ δυνατὴ ἡ συνέχισις τῶν ἐργασιῶν, αἱ ἁρμόδιαι ὑπηρεσίαι ἔλαβον ἀπὸ χθὲς τὰ ἀναγκαῖα μέτρα, τὰ ὁποῖα θὰ ἐφαρμοσθοῦν κατὰ τὰς προσεχεῖς ἡμέρας εἰς ὅλας τὰς περιοχάς. Κατὰ τὰς πληροφορίας τὰς ὁποίας διαθέτομεν, ἡ κατάστασις ἐξελίσσεται ὁμαλῶς, ἐνῷ οἱ ἐνδιαφερόμενοι ἀναμένουν τὰς ἀποφάσεις τοῦ ὑπουργείου. Ἐπίσης ἀνεκοινώθη ὅτι ἡ ἐπιτροπὴ θὰ συνέλθῃ ἐκ νέου πρὸς ἐξέτασιν τῶν ὑποβληθέντων αἰτημάτων καὶ τῶν σχετικῶν προτάσεων.
ΑΙ ΕΠΙΧΕΙΡΗΣΕΙΣ
Διὰ νὰ καταστῇ δυνατὴ ἡ συνέχισις τῶν ἐργασιῶν, αἱ ἁρμόδιαι ὑπηρεσίαι ἔλαβον ἀπὸ χθὲς τὰ ἀναγκαῖα μέτρα, τὰ ὁποῖα θὰ ἐφαρμοσθοῦν κατὰ τὰς προσεχεῖς ἡμέρας εἰς ὅλας τὰς περιοχάς. Κατὰ τὰς πληροφορίας τὰς ὁποίας διαθέτομεν, ἡ κατάστασις ἐξελίσσεται ὁμαλῶς, ἐνῷ οἱ ἐνδιαφερόμενοι ἀναμένουν τὰς ἀποφάσεις τοῦ ὑπουργείου. Ἐπίσης ἀνεκοινώθη ὅτι ἡ ἐπιτροπὴ θὰ συνέλθῃ ἐκ νέου πρὸς ἐξέτασιν τῶν ὑποβληθέντων αἰτημάτων καὶ τῶν σχετικῶν προτάσεων.
ΑΙ ΔΙΑ ΠΥΡΑΥΛΩΝ
Διὰ νὰ καταστῇ δυνατὴ ἡ συνέχισις τῶν ἐργασιῶν, αἱ ἁρμόδιαι ὑπηρεσίαι ἔλαβον ἀπὸ χθὲς τὰ ἀναγκαῖα μέτρα, τὰ ὁποῖα θὰ ἐφαρμοσθοῦν κατὰ τὰς προσεχεῖς ἡμέρας εἰς ὅλας τὰς περιοχάς. Κατὰ τὰς πληροφορίας τὰς ὁποίας διαθέτομεν, ἡ κατάστασις ἐξελίσσεται ὁμαλῶς, ἐνῷ οἱ ἐνδιαφερόμενοι ἀναμένουν τὰς ἀποφάσεις τοῦ ὑπουργείου. Ἐπίσης ἀνεκοινώθη ὅτι ἡ ἐπιτροπὴ θὰ συνέλθῃ ἐκ νέου πρὸς ἐξέτασιν τῶν ὑποβληθέντων αἰτημάτων καὶ τῶν σχετικῶν προτάσεων.
ΔΙΠΛΩΜΑΤΙΚΑΙ ΕΝΕΡΓΕΙΑΙ
Διὰ νὰ καταστῇ δυνατὴ ἡ συνέχισις τῶν ἐργασιῶν, αἱ ἁρμόδιαι ὑπηρεσίαι ἔλαβον ἀπὸ χθὲς τὰ ἀναγκαῖα μέτρα, τὰ ὁποῖα θὰ ἐφαρμοσθοῦν κατὰ τὰς προσεχεῖς ἡμέρας εἰς ὅλας τὰς περιοχάς. Κατὰ τὰς πληροφορίας τὰς ὁποίας διαθέτομεν, ἡ κατάστασις ἐξελίσσεται ὁμαλῶς, ἐνῷ οἱ ἐνδιαφερόμενοι ἀναμένουν τὰς ἀποφάσεις τοῦ ὑπουργείου. Ἐπίσης ἀνεκοινώθη ὅτι ἡ ἐπιτροπὴ θὰ συνέλθῃ ἐκ νέου πρὸς ἐξέτασιν τῶν ὑποβληθέντων αἰτημάτων καὶ τῶν σχετικῶν προτάσεων.
ΣΥΓΚΕΧΥΜΕΝΗ ΚΑΤΑΣΤΑΣΙΣ
Διὰ νὰ καταστῇ δυνατὴ ἡ συνέχισις τῶν ἐργασιῶν, αἱ ἁρμόδιαι ὑπηρεσίαι ἔλαβον ἀπὸ χθὲς τὰ ἀναγκαῖα μέτρα, τὰ ὁποῖα θὰ ἐφαρμοσθοῦν κατὰ τὰς προσεχεῖς ἡμέρας εἰς ὅλας τὰς περιοχάς. Κατὰ τὰς πληροφορίας τὰς ὁποίας διαθέτομεν, ἡ κατάστασις ἐξελίσσεται ὁμαλῶς, ἐνῷ οἱ ἐνδιαφερόμενοι ἀναμένουν τὰς ἀποφάσεις τοῦ ὑπουργείου. Ἐπίσης ἀνεκοινώθη ὅτι ἡ ἐπιτροπὴ θὰ συνέλθῃ ἐκ νέου πρὸς ἐξέτασιν τῶν ὑποβληθέντων αἰτημάτων καὶ τῶν σχετικῶν προτάσεων.
Η ΟΛΛΑΝΔΙΚΗ ΚΥΒΕΡΝΗΣΙΣ
Διὰ νὰ καταστῇ δυνατὴ ἡ συνέχισις τῶν ἐργασιῶν, αἱ ἁρμόδιαι ὑπηρεσίαι ἔλαβον ἀπὸ χθὲς τὰ ἀναγκαῖα μέτρα, τὰ ὁποῖα θὰ ἐφαρμοσθοῦν κατὰ τὰς προσεχεῖς ἡμέρας εἰς ὅλας τὰς περιοχάς. Κατὰ τὰς πληροφορίας τὰς ὁποίας διαθέτομεν, ἡ κατάστασις ἐξελίσσεται ὁμαλῶς, ἐνῷ οἱ ἐνδιαφερόμενοι ἀναμένουν τὰς ἀποφάσεις τοῦ ὑπουργείου. Ἐπίσης ἀνεκοινώθη ὅτι ἡ ἐπιτροπὴ θὰ συνέλθῃ ἐκ νέου πρὸς ἐξέτασιν τῶν ὑποβληθέντων αἰτημάτων καὶ τῶν σχετικῶν προτάσεων.
Η ΚΥΒΕΡΝΗΣΙΣ ΥΠΟΧΡΕΩΝΕΙ ΤΟΥΣ ΣΕΙΣΜΟΠΛΗΚΤΟΥΣ ΝΑ ΠΛΗΡΩΣΟΥΝ ΤΟ 60% ΤΟΥ ΠΟΣΟΥ ΤΟΥ ΧΟΡΗΓΗΘΕΝΤΟΣ ΕΙΣ ΕΚΑΣΤΟΝ ΠΡΟΣ ΕΝΙΣΧΥΣΙΝ
Θὰ τὸ ἐξοφλήσουν ἐντόκως πρὸς 2ο)ο
ἐντὸς 20 ἐτῶν εἰς ἑξαμηνιαίας δόσεις
Διὰ νὰ καταστῇ δυνατὴ ἡ συνέχισις τῶν ἐργασιῶν, αἱ ἁρμόδιαι ὑπηρεσίαι ἔλαβον ἀπὸ χθὲς τὰ ἀναγκαῖα μέτρα, τὰ ὁποῖα θὰ ἐφαρμοσθοῦν κατὰ τὰς προσεχεῖς ἡμέρας εἰς ὅλας τὰς περιοχάς. Κατὰ τὰς πληροφορίας τὰς ὁποίας διαθέτομεν, ἡ κατάστασις ἐξελίσσεται ὁμαλῶς, ἐνῷ οἱ ἐνδιαφερόμενοι ἀναμένουν τὰς ἀποφάσεις τοῦ ὑπουργείου. Ἐπίσης ἀνεκοινώθη ὅτι ἡ ἐπιτροπὴ θὰ συνέλθῃ ἐκ νέου πρὸς ἐξέτασιν τῶν ὑποβληθέντων αἰτημάτων καὶ τῶν σχετικῶν προτάσεων.
Η ΑΝΑΚΟΙΝΩΣΙΣ
Διὰ νὰ καταστῇ δυνατὴ ἡ συνέχισις τῶν ἐργασιῶν, αἱ ἁρμόδιαι ὑπηρεσίαι ἔλαβον ἀπὸ χθὲς τὰ ἀναγκαῖα μέτρα, τὰ ὁποῖα θὰ ἐφαρμοσθοῦν κατὰ τὰς προσεχεῖς ἡμέρας εἰς ὅλας τὰς περιοχάς. Κατὰ τὰς πληροφορίας τὰς ὁποίας διαθέτομεν, ἡ κατάστασις ἐξελίσσεται ὁμαλῶς, ἐνῷ οἱ ἐνδιαφερόμενοι ἀναμένουν τὰς ἀποφάσεις τοῦ ὑπουργείου. Ἐπίσης ἀνεκοινώθη ὅτι ἡ ἐπιτροπὴ θὰ συνέλθῃ ἐκ νέου πρὸς ἐξέτασιν τῶν ὑποβληθέντων αἰτημάτων καὶ τῶν σχετικῶν προτάσεων.
Διὰ νὰ καταστῇ δυνατὴ ἡ συνέχισις τῶν ἐργασιῶν, αἱ ἁρμόδιαι ὑπηρεσίαι ἔλαβον ἀπὸ χθὲς τὰ ἀναγκαῖα μέτρα, τὰ ὁποῖα θὰ ἐφαρμοσθοῦν κατὰ τὰς προσεχεῖς ἡμέρας εἰς ὅλας τὰς περιοχάς. Κατὰ τὰς πληροφορίας τὰς ὁποίας διαθέτομεν, ἡ κατάστασις ἐξελίσσεται ὁμαλῶς, ἐνῷ οἱ ἐνδιαφερόμενοι ἀναμένουν τὰς ἀποφάσεις τοῦ ὑπουργείου. Ἐπίσης ἀνεκοινώθη ὅτι ἡ ἐπιτροπὴ θὰ συνέλθῃ ἐκ νέου πρὸς ἐξέτασιν τῶν ὑποβληθέντων αἰτημάτων καὶ τῶν σχετικῶν προτάσεων.
ΑΙ ΔΙΚΑΙΟΛΟΓΙΑΙ
Διὰ νὰ καταστῇ δυνατὴ ἡ συνέχισις τῶν ἐργασιῶν, αἱ ἁρμόδιαι ὑπηρεσίαι ἔλαβον ἀπὸ χθὲς τὰ ἀναγκαῖα μέτρα, τὰ ὁποῖα θὰ ἐφαρμοσθοῦν κατὰ τὰς προσεχεῖς ἡμέρας εἰς ὅλας τὰς περιοχάς. Κατὰ τὰς πληροφορίας τὰς ὁποίας διαθέτομεν, ἡ κατάστασις ἐξελίσσεται ὁμαλῶς, ἐνῷ οἱ ἐνδιαφερόμενοι ἀναμένουν τὰς ἀποφάσεις τοῦ ὑπουργείου. Ἐπίσης ἀνεκοινώθη ὅτι ἡ ἐπιτροπὴ θὰ συνέλθῃ ἐκ νέου πρὸς ἐξέτασιν τῶν ὑποβληθέντων αἰτημάτων καὶ τῶν σχετικῶν προτάσεων.
Διὰ νὰ καταστῇ δυνατὴ ἡ συνέχισις τῶν ἐργασιῶν, αἱ ἁρμόδιαι ὑπηρεσίαι ἔλαβον ἀπὸ χθὲς τὰ ἀναγκαῖα μέτρα, τὰ ὁποῖα θὰ ἐφαρμοσθοῦν κατὰ τὰς προσεχεῖς ἡμέρας εἰς ὅλας τὰς περιοχάς. Κατὰ τὰς πληροφορίας τὰς ὁποίας διαθέτομεν, ἡ κατάστασις ἐξελίσσεται ὁμαλῶς, ἐνῷ οἱ ἐνδιαφερόμενοι ἀναμένουν τὰς ἀποφάσεις τοῦ ὑπουργείου. Ἐπίσης ἀνεκοινώθη ὅτι ἡ ἐπιτροπὴ θὰ συνέλθῃ ἐκ νέου πρὸς ἐξέτασιν τῶν ὑποβληθέντων αἰτημάτων καὶ τῶν σχετικῶν προτάσεων.
Διὰ νὰ καταστῇ δυνατὴ ἡ συνέχισις τῶν ἐργασιῶν, αἱ ἁρμόδιαι ὑπηρεσίαι ἔλαβον ἀπὸ χθὲς τὰ ἀναγκαῖα μέτρα, τὰ ὁποῖα θὰ ἐφαρμοσθοῦν κατὰ τὰς προσεχεῖς ἡμέρας εἰς ὅλας τὰς περιοχάς. Κατὰ τὰς πληροφορίας τὰς ὁποίας διαθέτομεν, ἡ κατάστασις ἐξελίσσεται ὁμαλῶς, ἐνῷ οἱ ἐνδιαφερόμενοι ἀναμένουν τὰς ἀποφάσεις τοῦ ὑπουργείου. Ἐπίσης ἀνεκοινώθη ὅτι ἡ ἐπιτροπὴ θὰ συνέλθῃ ἐκ νέου πρὸς ἐξέτασιν τῶν ὑποβληθέντων αἰτημάτων καὶ τῶν σχετικῶν προτάσεων.
Ο ΑΠΟΛΟΓΙΣΜΟΣ ΤΟΥ ΕΓΧΕΙΡΗΜΑΤΟΣ
Ἡ ληφθεῖσα ὑπὸ τοῦ Σκὸτ Κάρπεντερ ταινία κατεστράφη ἐκ τοῦ θαλασσίου ὕδατος ὅταν ὁ θαλαμίσκος ἔπεσεν εἰς τὸν ὠκεανὸν
ΟΙ ΕΠΙΣΤΗΜΟΝΕΣ, ΟΥΤΩ, ΔΕΝ ΘΑ ΔΥΝΗΘΟΥΝ
ΝΑ ΜΕΛΕΤΗΣΟΥΝ ΤΑΣ ΣΥΝΘΗΚΑΣ ΤΗΣ ΠΤΗΣΕΩΣ
Λανθασμένος χειρισμὸς τῶν μοχλῶν ἐξήντλησε πρόωρως τὴν καύσιμον ὕλην
Ο ΓΚΑΓΚΑΡΙΝ ΠΕΡΙΟΔΕΥΕΙ ΕΙΣΕΤΙ ΕΙΣ ΙΑΠΩΝΙΑΝ
ΡΟΤΣΕΣΤΕΡ, Νέα Ὑόρκη, 26. (Ἀσσ. Πρές.)
Διὰ νὰ καταστῇ δυνατὴ ἡ συνέχισις τῶν ἐργασιῶν, αἱ ἁρμόδιαι ὑπηρεσίαι ἔλαβον ἀπὸ χθὲς τὰ ἀναγκαῖα μέτρα, τὰ ὁποῖα θὰ ἐφαρμοσθοῦν κατὰ τὰς προσεχεῖς ἡμέρας εἰς ὅλας τὰς περιοχάς. Κατὰ τὰς πληροφορίας τὰς ὁποίας διαθέτομεν, ἡ κατάστασις ἐξελίσσεται ὁμαλῶς, ἐνῷ οἱ ἐνδιαφερόμενοι ἀναμένουν τὰς ἀποφάσεις τοῦ ὑπουργείου. Ἐπίσης ἀνεκοινώθη ὅτι ἡ ἐπιτροπὴ θὰ συνέλθῃ ἐκ νέου πρὸς ἐξέτασιν τῶν ὑποβληθέντων αἰτημάτων καὶ τῶν σχετικῶν προτάσεων.
ΕΝΑ ΛΑΘΟΣ ΠΕΡΙ ΤΟΝ ΧΕΙΡΙΣΜΟΝ
Διὰ νὰ καταστῇ δυνατὴ ἡ συνέχισις τῶν ἐργασιῶν, αἱ ἁρμόδιαι ὑπηρεσίαι ἔλαβον ἀπὸ χθὲς τὰ ἀναγκαῖα μέτρα, τὰ ὁποῖα θὰ ἐφαρμοσθοῦν κατὰ τὰς προσεχεῖς ἡμέρας εἰς ὅλας τὰς περιοχάς. Κατὰ τὰς πληροφορίας τὰς ὁποίας διαθέτομεν, ἡ κατάστασις ἐξελίσσεται ὁμαλῶς, ἐνῷ οἱ ἐνδιαφερόμενοι ἀναμένουν τὰς ἀποφάσεις τοῦ ὑπουργείου. Ἐπίσης ἀνεκοινώθη ὅτι ἡ ἐπιτροπὴ θὰ συνέλθῃ ἐκ νέου πρὸς ἐξέτασιν τῶν ὑποβληθέντων αἰτημάτων καὶ τῶν σχετικῶν προτάσεων.
Διὰ νὰ καταστῇ δυνατὴ ἡ συνέχισις τῶν ἐργασιῶν, αἱ ἁρμόδιαι ὑπηρεσίαι ἔλαβον ἀπὸ χθὲς τὰ ἀναγκαῖα μέτρα, τὰ ὁποῖα θὰ ἐφαρμοσθοῦν κατὰ τὰς προσεχεῖς ἡμέρας εἰς ὅλας τὰς περιοχάς. Κατὰ τὰς πληροφορίας τὰς ὁποίας διαθέτομεν, ἡ κατάστασις ἐξελίσσεται ὁμαλῶς, ἐνῷ οἱ ἐνδιαφερόμενοι ἀναμένουν τὰς ἀποφάσεις τοῦ ὑπουργείου. Ἐπίσης ἀνεκοινώθη ὅτι ἡ ἐπιτροπὴ θὰ συνέλθῃ ἐκ νέου πρὸς ἐξέτασιν τῶν ὑποβληθέντων αἰτημάτων καὶ τῶν σχετικῶν προτάσεων.
ΘΥΕΛΛΑ ΥΣΤΕΡΗΣΙΣ
Διὰ νὰ καταστῇ δυνατὴ ἡ συνέχισις τῶν ἐργασιῶν, αἱ ἁρμόδιαι ὑπηρεσίαι ἔλαβον ἀπὸ χθὲς τὰ ἀναγκαῖα μέτρα, τὰ ὁποῖα θὰ ἐφαρμοσθοῦν κατὰ τὰς προσεχεῖς ἡμέρας εἰς ὅλας τὰς περιοχάς. Κατὰ τὰς πληροφορίας τὰς ὁποίας διαθέτομεν, ἡ κατάστασις ἐξελίσσεται ὁμαλῶς, ἐνῷ οἱ ἐνδιαφερόμενοι ἀναμένουν τὰς ἀποφάσεις τοῦ ὑπουργείου. Ἐπίσης ἀνεκοινώθη ὅτι ἡ ἐπιτροπὴ θὰ συνέλθῃ ἐκ νέου πρὸς ἐξέτασιν τῶν ὑποβληθέντων αἰτημάτων καὶ τῶν σχετικῶν προτάσεων.
Ο ΓΚΑΓΚΑΡΙΝ ΕΙΣ ΙΑΠΩΝΙΑΝ
Διὰ νὰ καταστῇ δυνατὴ ἡ συνέχισις τῶν ἐργασιῶν, αἱ ἁρμόδιαι ὑπηρεσίαι ἔλαβον ἀπὸ χθὲς τὰ ἀναγκαῖα μέτρα, τὰ ὁποῖα θὰ ἐφαρμοσθοῦν κατὰ τὰς προσεχεῖς ἡμέρας εἰς ὅλας τὰς περιοχάς. Κατὰ τὰς πληροφορίας τὰς ὁποίας διαθέτομεν, ἡ κατάστασις ἐξελίσσεται ὁμαλῶς, ἐνῷ οἱ ἐνδιαφερόμενοι ἀναμένουν τὰς ἀποφάσεις τοῦ ὑπουργείου. Ἐπίσης ἀνεκοινώθη ὅτι ἡ ἐπιτροπὴ θὰ συνέλθῃ ἐκ νέου πρὸς ἐξέτασιν τῶν ὑποβληθέντων αἰτημάτων καὶ τῶν σχετικῶν προτάσεων.
«ΠΡΑΒΔΑ» ΕΓΚΩΜΙΑΖΕΙ
Διὰ νὰ καταστῇ δυνατὴ ἡ συνέχισις τῶν ἐργασιῶν, αἱ ἁρμόδιαι ὑπηρεσίαι ἔλαβον ἀπὸ χθὲς τὰ ἀναγκαῖα μέτρα, τὰ ὁποῖα θὰ ἐφαρμοσθοῦν κατὰ τὰς προσεχεῖς ἡμέρας εἰς ὅλας τὰς περιοχάς. Κατὰ τὰς πληροφορίας τὰς ὁποίας διαθέτομεν, ἡ κατάστασις ἐξελίσσεται ὁμαλῶς, ἐνῷ οἱ ἐνδιαφερόμενοι ἀναμένουν τὰς ἀποφάσεις τοῦ ὑπουργείου. Ἐπίσης ἀνεκοινώθη ὅτι ἡ ἐπιτροπὴ θὰ συνέλθῃ ἐκ νέου πρὸς ἐξέτασιν τῶν ὑποβληθέντων αἰτημάτων καὶ τῶν σχετικῶν προτάσεων.
Μετέδωσεν εἰς τὸ Λονδῖνον ἀντιλήψεις
Ο ΡΩΣΣΟΣ ΠΟΙΗΤΗΣ ΓΙΕΦΤΟΥΣΕΝΚΟ ΑΠΕΒΗ ΕΝΘΕΡΜΟΣ ΥΠΟΣΤΗΡΙΚΤΗΣ ΤΟΥ ΡΟΚ-ΕΝΤ-ΡΟΛ ΚΑΙ ΤΟΥ ΤΟΥΪΣΤ
Οἱ χοροὶ δὲν εἶναι δυνατὸν νὰ διαχωρισθοῦν
εἰς καπιταλιστικοὺς καὶ κομμουνιστικοὺς
ΜΟΣΧΑ, 26. (Ἀσσ. Πρές.)
Διὰ νὰ καταστῇ δυνατὴ ἡ συνέχισις τῶν ἐργασιῶν, αἱ ἁρμόδιαι ὑπηρεσίαι ἔλαβον ἀπὸ χθὲς τὰ ἀναγκαῖα μέτρα, τὰ ὁποῖα θὰ ἐφαρμοσθοῦν κατὰ τὰς προσεχεῖς ἡμέρας εἰς ὅλας τὰς περιοχάς. Κατὰ τὰς πληροφορίας τὰς ὁποίας διαθέτομεν, ἡ κατάστασις ἐξελίσσεται ὁμαλῶς, ἐνῷ οἱ ἐνδιαφερόμενοι ἀναμένουν τὰς ἀποφάσεις τοῦ ὑπουργείου. Ἐπίσης ἀνεκοινώθη ὅτι ἡ ἐπιτροπὴ θὰ συνέλθῃ ἐκ νέου πρὸς ἐξέτασιν τῶν ὑποβληθέντων αἰτημάτων καὶ τῶν σχετικῶν προτάσεων.
Διὰ νὰ καταστῇ δυνατὴ ἡ συνέχισις τῶν ἐργασιῶν, αἱ ἁρμόδιαι ὑπηρεσίαι ἔλαβον ἀπὸ χθὲς τὰ ἀναγκαῖα μέτρα, τὰ ὁποῖα θὰ ἐφαρμοσθοῦν κατὰ τὰς προσεχεῖς ἡμέρας εἰς ὅλας τὰς περιοχάς. Κατὰ τὰς πληροφορίας τὰς ὁποίας διαθέτομεν, ἡ κατάστασις ἐξελίσσεται ὁμαλῶς, ἐνῷ οἱ ἐνδιαφερόμενοι ἀναμένουν τὰς ἀποφάσεις τοῦ ὑπουργείου. Ἐπίσης ἀνεκοινώθη ὅτι ἡ ἐπιτροπὴ θὰ συνέλθῃ ἐκ νέου πρὸς ἐξέτασιν τῶν ὑποβληθέντων αἰτημάτων καὶ τῶν σχετικῶν προτάσεων.
Διὰ νὰ καταστῇ δυνατὴ ἡ συνέχισις τῶν ἐργασιῶν, αἱ ἁρμόδιαι ὑπηρεσίαι ἔλαβον ἀπὸ χθὲς τὰ ἀναγκαῖα μέτρα, τὰ ὁποῖα θὰ ἐφαρμοσθοῦν κατὰ τὰς προσεχεῖς ἡμέρας εἰς ὅλας τὰς περιοχάς. Κατὰ τὰς πληροφορίας τὰς ὁποίας διαθέτομεν, ἡ κατάστασις ἐξελίσσεται ὁμαλῶς, ἐνῷ οἱ ἐνδιαφερόμενοι ἀναμένουν τὰς ἀποφάσεις τοῦ ὑπουργείου. Ἐπίσης ἀνεκοινώθη ὅτι ἡ ἐπιτροπὴ θὰ συνέλθῃ ἐκ νέου πρὸς ἐξέτασιν τῶν ὑποβληθέντων αἰτημάτων καὶ τῶν σχετικῶν προτάσεων.
Διὰ νὰ καταστῇ δυνατὴ ἡ συνέχισις τῶν ἐργασιῶν, αἱ ἁρμόδιαι ὑπηρεσίαι ἔλαβον ἀπὸ χθὲς τὰ ἀναγκαῖα μέτρα, τὰ ὁποῖα θὰ ἐφαρμοσθοῦν κατὰ τὰς προσεχεῖς ἡμέρας εἰς ὅλας τὰς περιοχάς. Κατὰ τὰς πληροφορίας τὰς ὁποίας διαθέτομεν, ἡ κατάστασις ἐξελίσσεται ὁμαλῶς, ἐνῷ οἱ ἐνδιαφερόμενοι ἀναμένουν τὰς ἀποφάσεις τοῦ ὑπουργείου. Ἐπίσης ἀνεκοινώθη ὅτι ἡ ἐπιτροπὴ θὰ συνέλθῃ ἐκ νέου πρὸς ἐξέτασιν τῶν ὑποβληθέντων αἰτημάτων καὶ τῶν σχετικῶν προτάσεων.
ΑΙ ΔΥΟ ΟΜΟΣΠΟΝΔΙΑΙ ΤΩΝ ΕΚΠΑΙΔΕΥΤΙΚΩΝ ΑΝΕΠΤΥΞΑΝ ΕΙΣ ΤΟΝ ΥΠΟΥΡΓΟΝ ΠΑΙΔΕΙΑΣ ΤΑ ΒΑΣΙΚΑ ΑΙΤΗΜΑΤΑ ΤΟΥ ΚΛΑΔΟΥ ΤΩΝ
Διὰ νὰ καταστῇ δυνατὴ ἡ συνέχισις τῶν ἐργασιῶν, αἱ ἁρμόδιαι ὑπηρεσίαι ἔλαβον ἀπὸ χθὲς τὰ ἀναγκαῖα μέτρα, τὰ ὁποῖα θὰ ἐφαρμοσθοῦν κατὰ τὰς προσεχεῖς ἡμέρας εἰς ὅλας τὰς περιοχάς. Κατὰ τὰς πληροφορίας τὰς ὁποίας διαθέτομεν, ἡ κατάστασις ἐξελίσσεται ὁμαλῶς, ἐνῷ οἱ ἐνδιαφερόμενοι ἀναμένουν τὰς ἀποφάσεις τοῦ ὑπουργείου. Ἐπίσης ἀνεκοινώθη ὅτι ἡ ἐπιτροπὴ θὰ συνέλθῃ ἐκ νέου πρὸς ἐξέτασιν τῶν ὑποβληθέντων αἰτημάτων καὶ τῶν σχετικῶν προτάσεων.
Διὰ νὰ καταστῇ δυνατὴ ἡ συνέχισις τῶν ἐργασιῶν, αἱ ἁρμόδιαι ὑπηρεσίαι ἔλαβον ἀπὸ χθὲς τὰ ἀναγκαῖα μέτρα, τὰ ὁποῖα θὰ ἐφαρμοσθοῦν κατὰ τὰς προσεχεῖς ἡμέρας εἰς ὅλας τὰς περιοχάς. Κατὰ τὰς πληροφορίας τὰς ὁποίας διαθέτομεν, ἡ κατάστασις ἐξελίσσεται ὁμαλῶς, ἐνῷ οἱ ἐνδιαφερόμενοι ἀναμένουν τὰς ἀποφάσεις τοῦ ὑπουργείου. Ἐπίσης ἀνεκοινώθη ὅτι ἡ ἐπιτροπὴ θὰ συνέλθῃ ἐκ νέου πρὸς ἐξέτασιν τῶν ὑποβληθέντων αἰτημάτων καὶ τῶν σχετικῶν προτάσεων.
ΕΙΣ 500.000 ΚΙΝΕΖΟΥΣ ΠΡΟΣΦΥΓΑΣ ΕΙΣ ΧΟΓΚ ΚΟΓΚ ΔΙΕΝΕΙΜΟΝ ΤΡΟΦΙΜΑ ΑΙ ΗΝ. ΠΟΛΙΤΕΙΑΙ ΑΜΕΡΙΚΗΣ
ΓΙΑΝΓΚΤΟΝ, νότιον Νεοσέουλ, ΗΠΑ, 26. (Ἀσσ. Πρές.)
Διὰ νὰ καταστῇ δυνατὴ ἡ συνέχισις τῶν ἐργασιῶν, αἱ ἁρμόδιαι ὑπηρεσίαι ἔλαβον ἀπὸ χθὲς τὰ ἀναγκαῖα μέτρα, τὰ ὁποῖα θὰ ἐφαρμοσθοῦν κατὰ τὰς προσεχεῖς ἡμέρας εἰς ὅλας τὰς περιοχάς. Κατὰ τὰς πληροφορίας τὰς ὁποίας διαθέτομεν, ἡ κατάστασις ἐξελίσσεται ὁμαλῶς, ἐνῷ οἱ ἐνδιαφερόμενοι ἀναμένουν τὰς ἀποφάσεις τοῦ ὑπουργείου. Ἐπίσης ἀνεκοινώθη ὅτι ἡ ἐπιτροπὴ θὰ συνέλθῃ ἐκ νέου πρὸς ἐξέτασιν τῶν ὑποβληθέντων αἰτημάτων καὶ τῶν σχετικῶν προτάσεων.
Διὰ νὰ καταστῇ δυνατὴ ἡ συνέχισις τῶν ἐργασιῶν, αἱ ἁρμόδιαι ὑπηρεσίαι ἔλαβον ἀπὸ χθὲς τὰ ἀναγκαῖα μέτρα, τὰ ὁποῖα θὰ ἐφαρμοσθοῦν κατὰ τὰς προσεχεῖς ἡμέρας εἰς ὅλας τὰς περιοχάς. Κατὰ τὰς πληροφορίας τὰς ὁποίας διαθέτομεν, ἡ κατάστασις ἐξελίσσεται ὁμαλῶς, ἐνῷ οἱ ἐνδιαφερόμενοι ἀναμένουν τὰς ἀποφάσεις τοῦ ὑπουργείου. Ἐπίσης ἀνεκοινώθη ὅτι ἡ ἐπιτροπὴ θὰ συνέλθῃ ἐκ νέου πρὸς ἐξέτασιν τῶν ὑποβληθέντων αἰτημάτων καὶ τῶν σχετικῶν προτάσεων.
Η ΚΑΤΑΣΤΑΣΙΣ ΕΙΣ ΤΗΝ ΚΙΝΑΝ
Διὰ νὰ καταστῇ δυνατὴ ἡ συνέχισις τῶν ἐργασιῶν, αἱ ἁρμόδιαι ὑπηρεσίαι ἔλαβον ἀπὸ χθὲς τὰ ἀναγκαῖα μέτρα, τὰ ὁποῖα θὰ ἐφαρμοσθοῦν κατὰ τὰς προσεχεῖς ἡμέρας εἰς ὅλας τὰς περιοχάς. Κατὰ τὰς πληροφορίας τὰς ὁποίας διαθέτομεν, ἡ κατάστασις ἐξελίσσεται ὁμαλῶς, ἐνῷ οἱ ἐνδιαφερόμενοι ἀναμένουν τὰς ἀποφάσεις τοῦ ὑπουργείου. Ἐπίσης ἀνεκοινώθη ὅτι ἡ ἐπιτροπὴ θὰ συνέλθῃ ἐκ νέου πρὸς ἐξέτασιν τῶν ὑποβληθέντων αἰτημάτων καὶ τῶν σχετικῶν προτάσεων.
ΕΣΤΑΛΗΘΗΣΑΝ Η ΕΙΣΟΔΟΣ
Διὰ νὰ καταστῇ δυνατὴ ἡ συνέχισις τῶν ἐργασιῶν, αἱ ἁρμόδιαι ὑπηρεσίαι ἔλαβον ἀπὸ χθὲς τὰ ἀναγκαῖα μέτρα, τὰ ὁποῖα θὰ ἐφαρμοσθοῦν κατὰ τὰς προσεχεῖς ἡμέρας εἰς ὅλας τὰς περιοχάς. Κατὰ τὰς πληροφορίας τὰς ὁποίας διαθέτομεν, ἡ κατάστασις ἐξελίσσεται ὁμαλῶς, ἐνῷ οἱ ἐνδιαφερόμενοι ἀναμένουν τὰς ἀποφάσεις τοῦ ὑπουργείου. Ἐπίσης ἀνεκοινώθη ὅτι ἡ ἐπιτροπὴ θὰ συνέλθῃ ἐκ νέου πρὸς ἐξέτασιν τῶν ὑποβληθέντων αἰτημάτων καὶ τῶν σχετικῶν προτάσεων.
Η ΣΥΝΕΛΕΥΣΙΣ ΤΩΝ ΚΑΤΑΣΤΗΜΑΤΑΡΧΩΝ ΡΑΠΤΩΝ
Διὰ νὰ καταστῇ δυνατὴ ἡ συνέχισις τῶν ἐργασιῶν, αἱ ἁρμόδιαι ὑπηρεσίαι ἔλαβον ἀπὸ χθὲς τὰ ἀναγκαῖα μέτρα, τὰ ὁποῖα θὰ ἐφαρμοσθοῦν κατὰ τὰς προσεχεῖς ἡμέρας εἰς ὅλας τὰς περιοχάς. Κατὰ τὰς πληροφορίας τὰς ὁποίας διαθέτομεν, ἡ κατάστασις ἐξελίσσεται ὁμαλῶς, ἐνῷ οἱ ἐνδιαφερόμενοι ἀναμένουν τὰς ἀποφάσεις τοῦ ὑπουργείου. Ἐπίσης ἀνεκοινώθη ὅτι ἡ ἐπιτροπὴ θὰ συνέλθῃ ἐκ νέου πρὸς ἐξέτασιν τῶν ὑποβληθέντων αἰτημάτων καὶ τῶν σχετικῶν προτάσεων.
Διὰ νὰ καταστῇ δυνατὴ ἡ συνέχισις τῶν ἐργασιῶν, αἱ ἁρμόδιαι ὑπηρεσίαι ἔλαβον ἀπὸ χθὲς τὰ ἀναγκαῖα μέτρα, τὰ ὁποῖα θὰ ἐφαρμοσθοῦν κατὰ τὰς προσεχεῖς ἡμέρας εἰς ὅλας τὰς περιοχάς. Κατὰ τὰς πληροφορίας τὰς ὁποίας διαθέτομεν, ἡ κατάστασις ἐξελίσσεται ὁμαλῶς, ἐνῷ οἱ ἐνδιαφερόμενοι ἀναμένουν τὰς ἀποφάσεις τοῦ ὑπουργείου. Ἐπίσης ἀνεκοινώθη ὅτι ἡ ἐπιτροπὴ θὰ συνέλθῃ ἐκ νέου πρὸς ἐξέτασιν τῶν ὑποβληθέντων αἰτημάτων καὶ τῶν σχετικῶν προτάσεων.
ΕΙΔΗΣΕΙΣ ΕΞ ΑΘΗΝΩΝ ΧΩΡΙΣ ΤΙΤΛΟΝ
Διὰ νὰ καταστῇ δυνατὴ ἡ συνέχισις τῶν ἐργασιῶν, αἱ ἁρμόδιαι ὑπηρεσίαι ἔλαβον ἀπὸ χθὲς τὰ ἀναγκαῖα μέτρα, τὰ ὁποῖα θὰ ἐφαρμοσθοῦν κατὰ τὰς προσεχεῖς ἡμέρας εἰς ὅλας τὰς περιοχάς. Κατὰ τὰς πληροφορίας τὰς ὁποίας διαθέτομεν, ἡ κατάστασις ἐξελίσσεται ὁμαλῶς, ἐνῷ οἱ ἐνδιαφερόμενοι ἀναμένουν τὰς ἀποφάσεις τοῦ ὑπουργείου. Ἐπίσης ἀνεκοινώθη ὅτι ἡ ἐπιτροπὴ θὰ συνέλθῃ ἐκ νέου πρὸς ἐξέτασιν τῶν ὑποβληθέντων αἰτημάτων καὶ τῶν σχετικῶν προτάσεων.
Διὰ νὰ καταστῇ δυνατὴ ἡ συνέχισις τῶν ἐργασιῶν, αἱ ἁρμόδιαι ὑπηρεσίαι ἔλαβον ἀπὸ χθὲς τὰ ἀναγκαῖα μέτρα, τὰ ὁποῖα θὰ ἐφαρμοσθοῦν κατὰ τὰς προσεχεῖς ἡμέρας εἰς ὅλας τὰς περιοχάς. Κατὰ τὰς πληροφορίας τὰς ὁποίας διαθέτομεν, ἡ κατάστασις ἐξελίσσεται ὁμαλῶς, ἐνῷ οἱ ἐνδιαφερόμενοι ἀναμένουν τὰς ἀποφάσεις τοῦ ὑπουργείου. Ἐπίσης ἀνεκοινώθη ὅτι ἡ ἐπιτροπὴ θὰ συνέλθῃ ἐκ νέου πρὸς ἐξέτασιν τῶν ὑποβληθέντων αἰτημάτων καὶ τῶν σχετικῶν προτάσεων.
Διὰ νὰ καταστῇ δυνατὴ ἡ συνέχισις τῶν ἐργασιῶν, αἱ ἁρμόδιαι ὑπηρεσίαι ἔλαβον ἀπὸ χθὲς τὰ ἀναγκαῖα μέτρα, τὰ ὁποῖα θὰ ἐφαρμοσθοῦν κατὰ τὰς προσεχεῖς ἡμέρας εἰς ὅλας τὰς περιοχάς. Κατὰ τὰς πληροφορίας τὰς ὁποίας διαθέτομεν, ἡ κατάστασις ἐξελίσσεται ὁμαλῶς, ἐνῷ οἱ ἐνδιαφερόμενοι ἀναμένουν τὰς ἀποφάσεις τοῦ ὑπουργείου. Ἐπίσης ἀνεκοινώθη ὅτι ἡ ἐπιτροπὴ θὰ συνέλθῃ ἐκ νέου πρὸς ἐξέτασιν τῶν ὑποβληθέντων αἰτημάτων καὶ τῶν σχετικῶν προτάσεων.
Διὰ νὰ καταστῇ δυνατὴ ἡ συνέχισις τῶν ἐργασιῶν, αἱ ἁρμόδιαι ὑπηρεσίαι ἔλαβον ἀπὸ χθὲς τὰ ἀναγκαῖα μέτρα, τὰ ὁποῖα θὰ ἐφαρμοσθοῦν κατὰ τὰς προσεχεῖς ἡμέρας εἰς ὅλας τὰς περιοχάς. Κατὰ τὰς πληροφορίας τὰς ὁποίας διαθέτομεν, ἡ κατάστασις ἐξελίσσεται ὁμαλῶς, ἐνῷ οἱ ἐνδιαφερόμενοι ἀναμένουν τὰς ἀποφάσεις τοῦ ὑπουργείου. Ἐπίσης ἀνεκοινώθη ὅτι ἡ ἐπιτροπὴ θὰ συνέλθῃ ἐκ νέου πρὸς ἐξέτασιν τῶν ὑποβληθέντων αἰτημάτων καὶ τῶν σχετικῶν προτάσεων.
Διὰ νὰ καταστῇ δυνατὴ ἡ συνέχισις τῶν ἐργασιῶν, αἱ ἁρμόδιαι ὑπηρεσίαι ἔλαβον ἀπὸ χθὲς τὰ ἀναγκαῖα μέτρα, τὰ ὁποῖα θὰ ἐφαρμοσθοῦν κατὰ τὰς προσεχεῖς ἡμέρας εἰς ὅλας τὰς περιοχάς. Κατὰ τὰς πληροφορίας τὰς ὁποίας διαθέτομεν, ἡ κατάστασις ἐξελίσσεται ὁμαλῶς, ἐνῷ οἱ ἐνδιαφερόμενοι ἀναμένουν τὰς ἀποφάσεις τοῦ ὑπουργείου. Ἐπίσης ἀνεκοινώθη ὅτι ἡ ἐπιτροπὴ θὰ συνέλθῃ ἐκ νέου πρὸς ἐξέτασιν τῶν ὑποβληθέντων αἰτημάτων καὶ τῶν σχετικῶν προτάσεων.
Διὰ νὰ καταστῇ δυνατὴ ἡ συνέχισις τῶν ἐργασιῶν, αἱ ἁρμόδιαι ὑπηρεσίαι ἔλαβον ἀπὸ χθὲς τὰ ἀναγκαῖα μέτρα, τὰ ὁποῖα θὰ ἐφαρμοσθοῦν κατὰ τὰς προσεχεῖς ἡμέρας εἰς ὅλας τὰς περιοχάς. Κατὰ τὰς πληροφορίας τὰς ὁποίας διαθέτομεν, ἡ κατάστασις ἐξελίσσεται ὁμαλῶς, ἐνῷ οἱ ἐνδιαφερόμενοι ἀναμένουν τὰς ἀποφάσεις τοῦ ὑπουργείου. Ἐπίσης ἀνεκοινώθη ὅτι ἡ ἐπιτροπὴ θὰ συνέλθῃ ἐκ νέου πρὸς ἐξέτασιν τῶν ὑποβληθέντων αἰτημάτων καὶ τῶν σχετικῶν προτάσεων.
ΠΕΝΤΕ ΟΙ ΤΡΑΥΜΑΤΙΑΙ ΕΙΣ ΤΗΝ ΥΠΑΙΘΡΟΝ ΕΚ ΣΦΟΔΡΟΤΑΤΩΝ ΤΡΟΧΑΙΩΝ ΣΥΓΚΡΟΥΣΕΩΝ
Τὸ ὑπ' ἀριθμὸν 34810 Ι.Χ. αὐτοκίνητον, μετὰ τὴν σύγκρουσιν μὲ φορτηγόν, ἐπὶ τῆς ὁδοῦ Θεσσαλονίκης.
Διὰ νὰ καταστῇ δυνατὴ ἡ συνέχισις τῶν ἐργασιῶν, αἱ ἁρμόδιαι ὑπηρεσίαι ἔλαβον ἀπὸ χθὲς τὰ ἀναγκαῖα μέτρα, τὰ ὁποῖα θὰ ἐφαρμοσθοῦν κατὰ τὰς προσεχεῖς ἡμέρας εἰς ὅλας τὰς περιοχάς. Κατὰ τὰς πληροφορίας τὰς ὁποίας διαθέτομεν, ἡ κατάστασις ἐξελίσσεται ὁμαλῶς, ἐνῷ οἱ ἐνδιαφερόμενοι ἀναμένουν τὰς ἀποφάσεις τοῦ ὑπουργείου. Ἐπίσης ἀνεκοινώθη ὅτι ἡ ἐπιτροπὴ θὰ συνέλθῃ ἐκ νέου πρὸς ἐξέτασιν τῶν ὑποβληθέντων αἰτημάτων καὶ τῶν σχετικῶν προτάσεων.
ΕΦΟΝΕΥΘΗ ΣΤΡΑΤΙΩΤΗΣ
ΚΑΛΑΜΑΤΑ, 26. —
Διὰ νὰ καταστῇ δυνατὴ ἡ συνέχισις τῶν ἐργασιῶν, αἱ ἁρμόδιαι ὑπηρεσίαι ἔλαβον ἀπὸ χθὲς τὰ ἀναγκαῖα μέτρα, τὰ ὁποῖα θὰ ἐφαρμοσθοῦν κατὰ τὰς προσεχεῖς ἡμέρας εἰς ὅλας τὰς περιοχάς. Κατὰ τὰς πληροφορίας τὰς ὁποίας διαθέτομεν, ἡ κατάστασις ἐξελίσσεται ὁμαλῶς, ἐνῷ οἱ ἐνδιαφερόμενοι ἀναμένουν τὰς ἀποφάσεις τοῦ ὑπουργείου. Ἐπίσης ἀνεκοινώθη ὅτι ἡ ἐπιτροπὴ θὰ συνέλθῃ ἐκ νέου πρὸς ἐξέτασιν τῶν ὑποβληθέντων αἰτημάτων καὶ τῶν σχετικῶν προτάσεων.
